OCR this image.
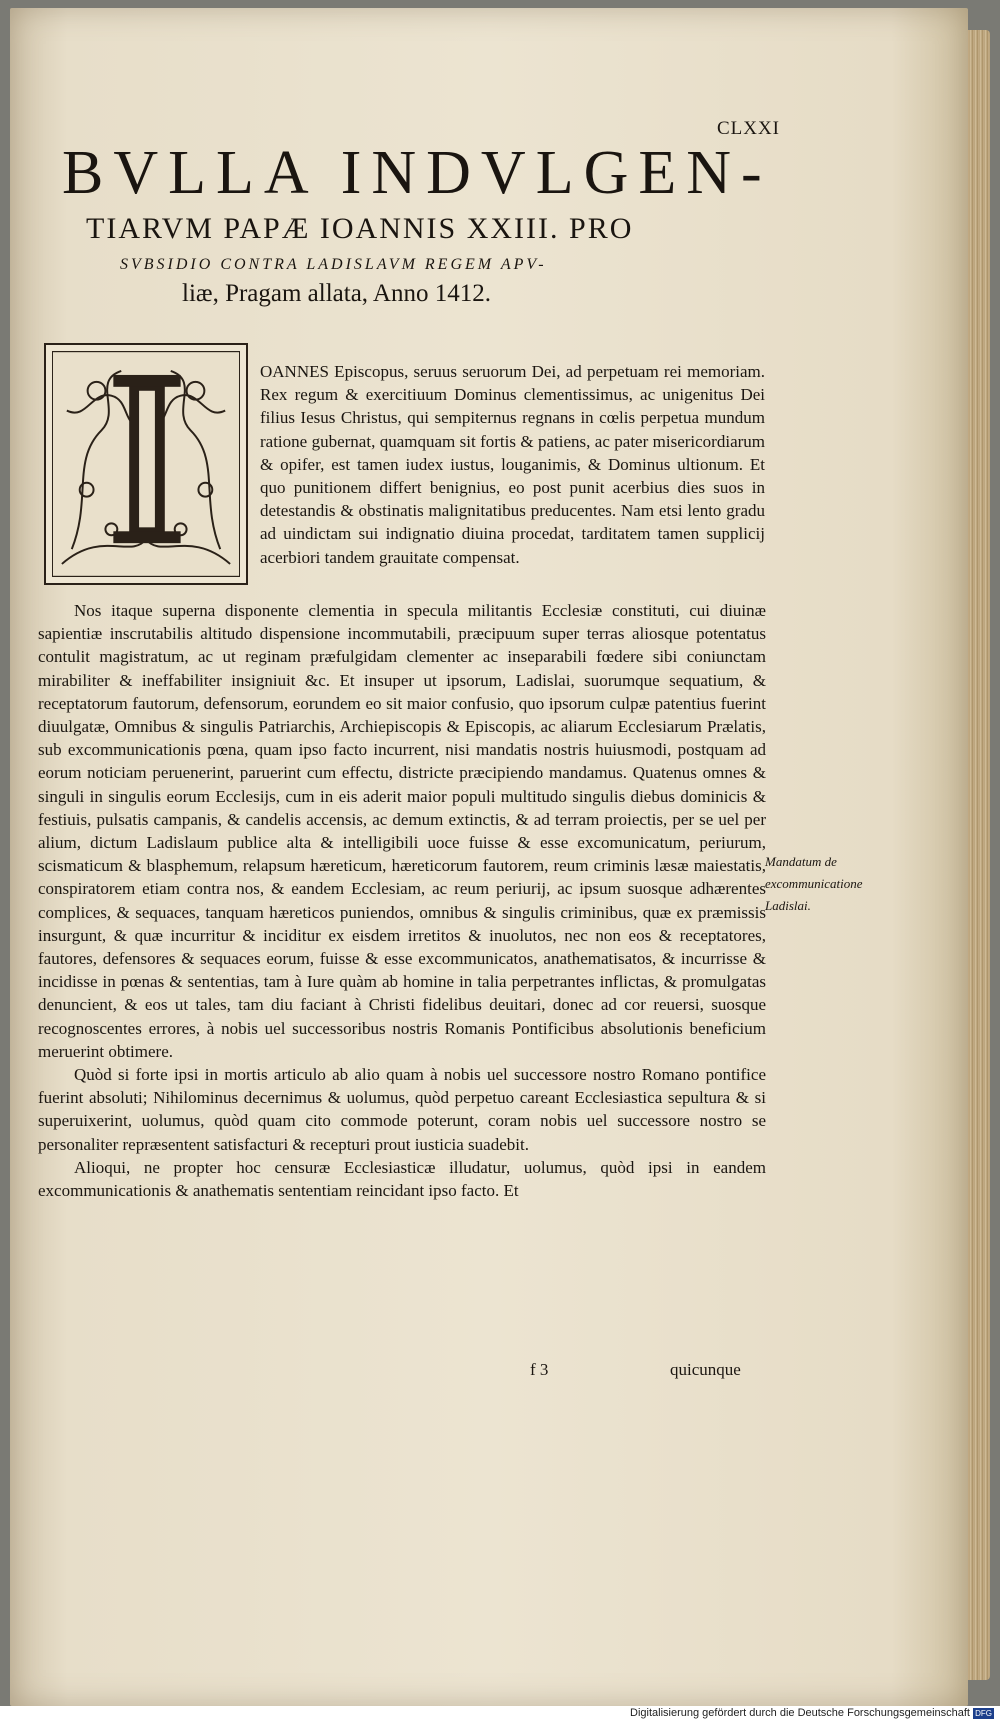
CLXXI
BVLLA INDVLGEN-
TIARVM PAPÆ IOANNIS XXIII. PRO
SVBSIDIO CONTRA LADISLAVM REGEM APV-
liæ, Pragam allata, Anno 1412.

OANNES Episcopus, seruus seruorum Dei, ad perpetuam rei memoriam. Rex regum & exercitiuum Dominus clementissimus, ac unigenitus Dei filius Iesus Christus, qui sempiternus regnans in cœlis perpetua mundum ratione gubernat, quamquam sit fortis & patiens, ac pater misericordiarum & opifer, est tamen iudex iustus, louganimis, & Dominus ultionum. Et quo punitionem differt benignius, eo post punit acerbius dies suos in detestandis & obstinatis malignitatibus preducentes. Nam etsi lento gradu ad uindictam sui indignatio diuina procedat, tarditatem tamen supplicij acerbiori tandem grauitate compensat.

Nos itaque superna disponente clementia in specula militantis Ecclesiæ constituti, cui diuinæ sapientiæ inscrutabilis altitudo dispensione incommutabili, præcipuum super terras aliosque potentatus contulit magistratum, ac ut reginam præfulgidam clementer ac inseparabili fœdere sibi coniunctam mirabiliter & ineffabiliter insigniuit &c. Et insuper ut ipsorum, Ladislai, suorumque sequatium, & receptatorum fautorum, defensorum, eorundem eo sit maior confusio, quo ipsorum culpæ patentius fuerint diuulgatæ, Omnibus & singulis Patriarchis, Archiepiscopis & Episcopis, ac aliarum Ecclesiarum Prælatis, sub excommunicationis pœna, quam ipso facto incurrent, nisi mandatis nostris huiusmodi, postquam ad eorum noticiam peruenerint, paruerint cum effectu, districte præcipiendo mandamus. Quatenus omnes & singuli in singulis eorum Ecclesijs, cum in eis aderit maior populi multitudo singulis diebus dominicis & festiuis, pulsatis campanis, & candelis accensis, ac demum extinctis, & ad terram proiectis, per se uel per alium, dictum Ladislaum publice alta & intelligibili uoce fuisse & esse excomunicatum, periurum, scismaticum & blasphemum, relapsum hæreticum, hæreticorum fautorem, reum criminis læsæ maiestatis, conspiratorem etiam contra nos, & eandem Ecclesiam, ac reum periurij, ac ipsum suosque adhærentes complices, & sequaces, tanquam hæreticos puniendos, omnibus & singulis criminibus, quæ ex præmissis insurgunt, & quæ incurritur & inciditur ex eisdem irretitos & inuolutos, nec non eos & receptatores, fautores, defensores & sequaces eorum, fuisse & esse excommunicatos, anathematisatos, & incurrisse & incidisse in pœnas & sententias, tam à Iure quàm ab homine in talia perpetrantes inflictas, & promulgatas denuncient, & eos ut tales, tam diu faciant à Christi fidelibus deuitari, donec ad cor reuersi, suosque recognoscentes errores, à nobis uel successoribus nostris Romanis Pontificibus absolutionis beneficium meruerint obtimere.

Quòd si forte ipsi in mortis articulo ab alio quam à nobis uel successore nostro Romano pontifice fuerint absoluti; Nihilominus decernimus & uolumus, quòd perpetuo careant Ecclesiastica sepultura & si superuixerint, uolumus, quòd quam cito commode poterunt, coram nobis uel successore nostro se personaliter repræsentent satisfacturi & recepturi prout iusticia suadebit.

Alioqui, ne propter hoc censuræ Ecclesiasticæ illudatur, uolumus, quòd ipsi in eandem excommunicationis & anathematis sententiam reincidant ipso facto. Et

Mandatum de excommunicatione Ladislai.
f 3	quicunque
Digitalisierung gefördert durch die Deutsche Forschungsgemeinschaft DFG
